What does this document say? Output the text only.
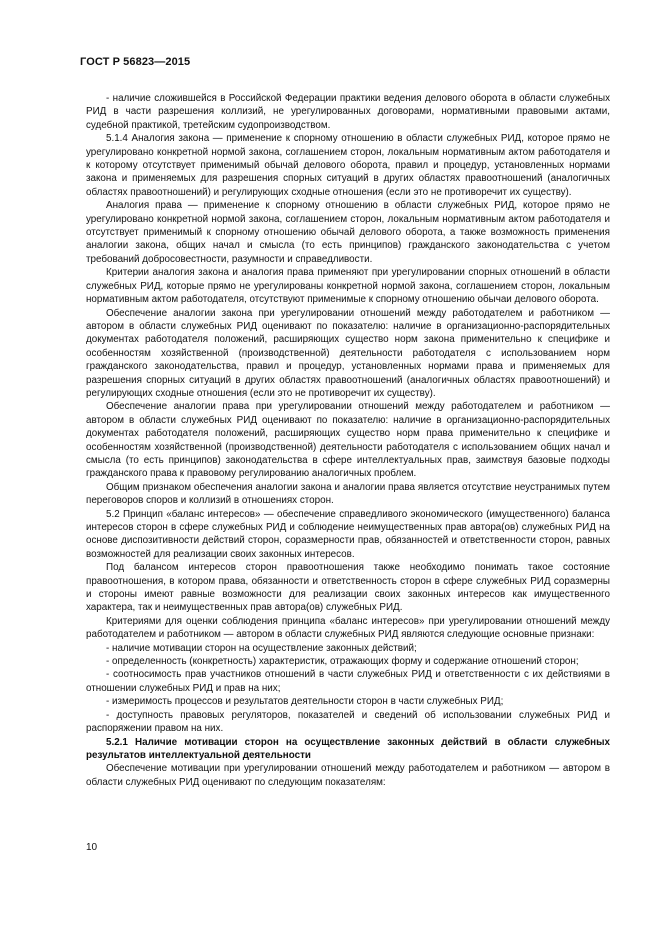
ГОСТ Р 56823—2015

- наличие сложившейся в Российской Федерации практики ведения делового оборота в области служебных РИД в части разрешения коллизий, не урегулированных договорами, нормативными правовыми актами, судебной практикой, третейским судопроизводством.

5.1.4 Аналогия закона — применение к спорному отношению в области служебных РИД, которое прямо не урегулировано конкретной нормой закона, соглашением сторон, локальным нормативным актом работодателя и к которому отсутствует применимый обычай делового оборота, правил и процедур, установленных нормами закона и применяемых для разрешения спорных ситуаций в других областях правоотношений (аналогичных областях правоотношений) и регулирующих сходные отношения (если это не противоречит их существу).

Аналогия права — применение к спорному отношению в области служебных РИД, которое прямо не урегулировано конкретной нормой закона, соглашением сторон, локальным нормативным актом работодателя и отсутствует применимый к спорному отношению обычай делового оборота, а также возможность применения аналогии закона, общих начал и смысла (то есть принципов) гражданского законодательства с учетом требований добросовестности, разумности и справедливости.

Критерии аналогия закона и аналогия права применяют при урегулировании спорных отношений в области служебных РИД, которые прямо не урегулированы конкретной нормой закона, соглашением сторон, локальным нормативным актом работодателя, отсутствуют применимые к спорному отношению обычаи делового оборота.

Обеспечение аналогии закона при урегулировании отношений между работодателем и работником — автором в области служебных РИД оценивают по показателю: наличие в организационно-распорядительных документах работодателя положений, расширяющих существо норм закона применительно к специфике и особенностям хозяйственной (производственной) деятельности работодателя с использованием норм гражданского законодательства, правил и процедур, установленных нормами права и применяемых для разрешения спорных ситуаций в других областях правоотношений (аналогичных областях правоотношений) и регулирующих сходные отношения (если это не противоречит их существу).

Обеспечение аналогии права при урегулировании отношений между работодателем и работником — автором в области служебных РИД оценивают по показателю: наличие в организационно-распорядительных документах работодателя положений, расширяющих существо норм права применительно к специфике и особенностям хозяйственной (производственной) деятельности работодателя с использованием общих начал и смысла (то есть принципов) законодательства в сфере интеллектуальных прав, заимствуя базовые подходы гражданского права к правовому регулированию аналогичных проблем.

Общим признаком обеспечения аналогии закона и аналогии права является отсутствие неустранимых путем переговоров споров и коллизий в отношениях сторон.

5.2 Принцип «баланс интересов» — обеспечение справедливого экономического (имущественного) баланса интересов сторон в сфере служебных РИД и соблюдение неимущественных прав автора(ов) служебных РИД на основе диспозитивности действий сторон, соразмерности прав, обязанностей и ответственности сторон, равных возможностей для реализации своих законных интересов.

Под балансом интересов сторон правоотношения также необходимо понимать такое состояние правоотношения, в котором права, обязанности и ответственность сторон в сфере служебных РИД соразмерны и стороны имеют равные возможности для реализации своих законных интересов как имущественного характера, так и неимущественных прав автора(ов) служебных РИД.

Критериями для оценки соблюдения принципа «баланс интересов» при урегулировании отношений между работодателем и работником — автором в области служебных РИД являются следующие основные признаки:

- наличие мотивации сторон на осуществление законных действий;

- определенность (конкретность) характеристик, отражающих форму и содержание отношений сторон;

- соотносимость прав участников отношений в части служебных РИД и ответственности с их действиями в отношении служебных РИД и прав на них;

- измеримость процессов и результатов деятельности сторон в части служебных РИД;

- доступность правовых регуляторов, показателей и сведений об использовании служебных РИД и распоряжении правом на них.

5.2.1 Наличие мотивации сторон на осуществление законных действий в области служебных результатов интеллектуальной деятельности

Обеспечение мотивации при урегулировании отношений между работодателем и работником — автором в области служебных РИД оценивают по следующим показателям:

10
